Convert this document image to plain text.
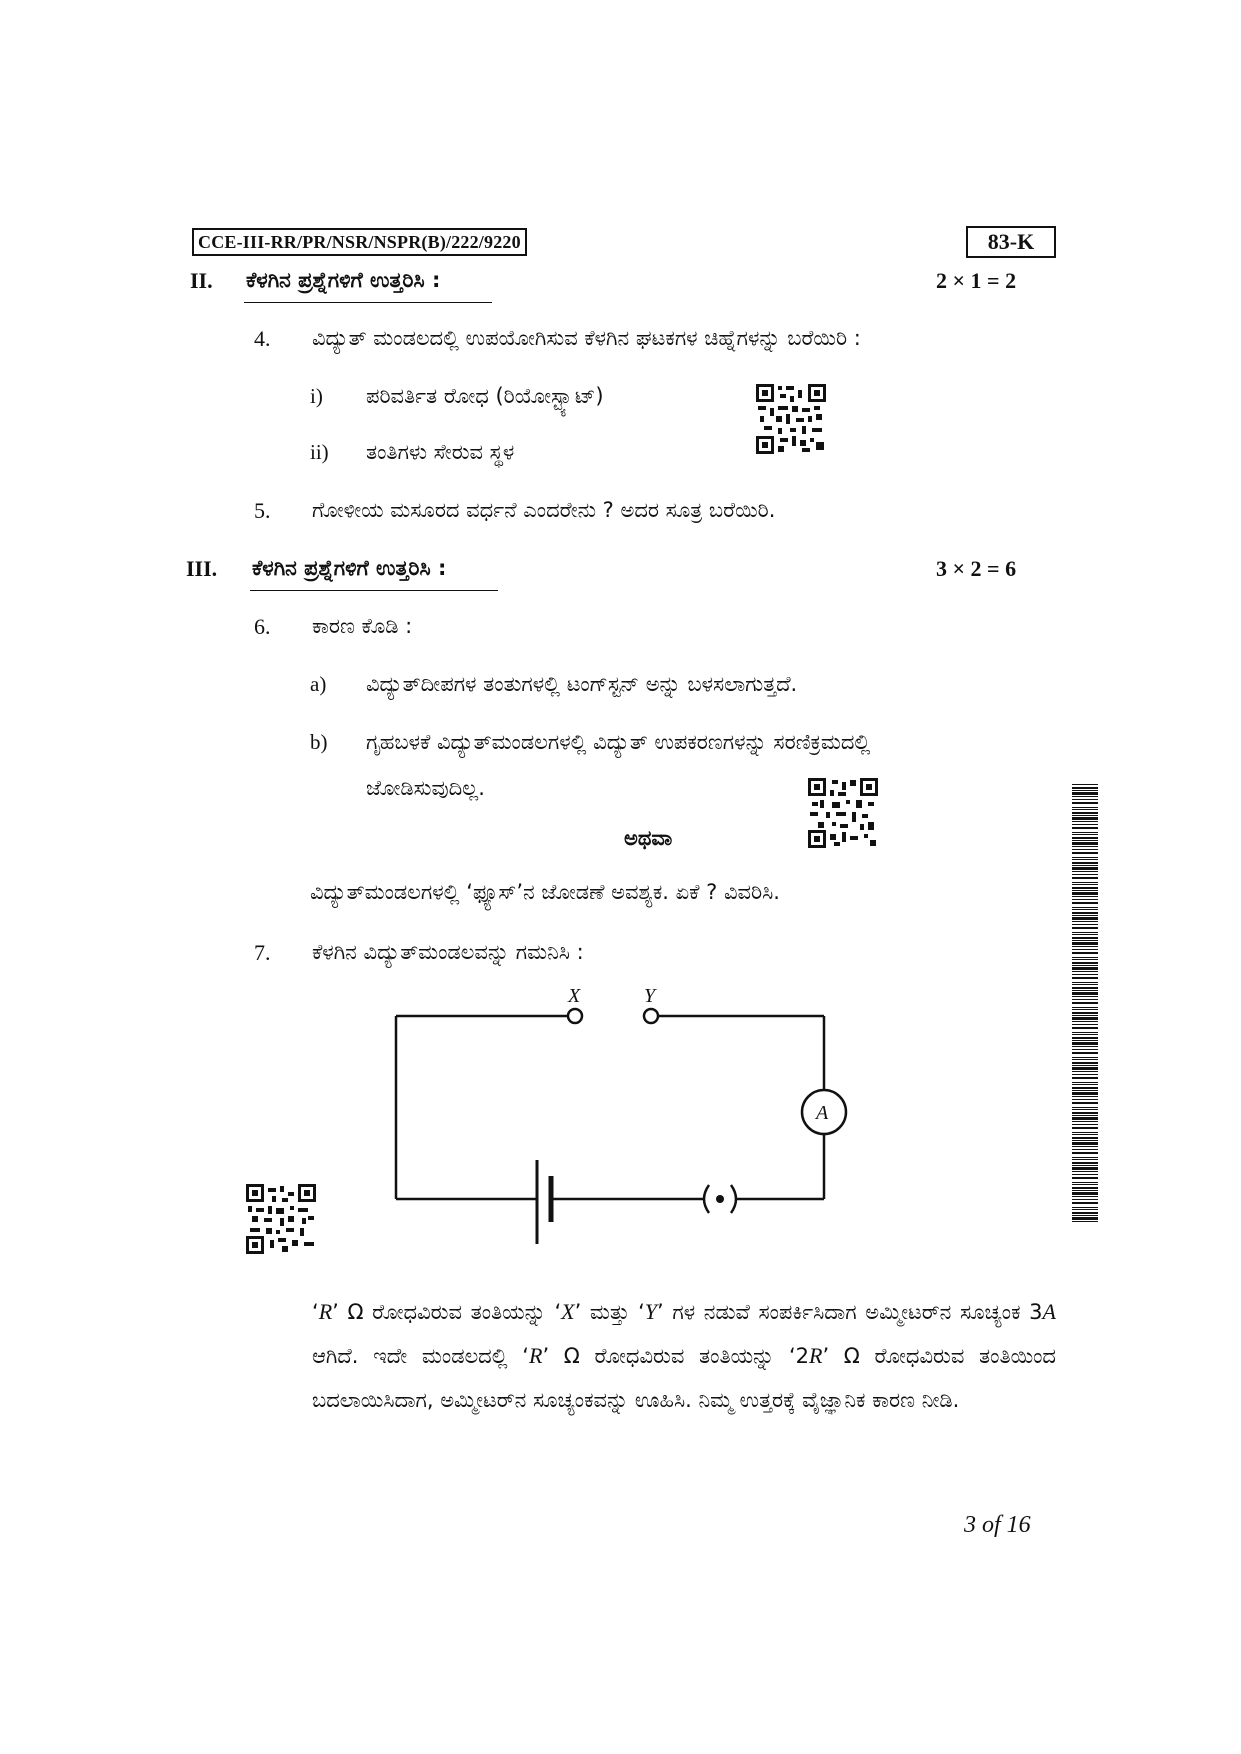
CCE-III-RR/PR/NSR/NSPR(B)/222/9220	83-K
II. ಕೆಳಗಿನ ಪ್ರಶ್ನೆಗಳಿಗೆ ಉತ್ತರಿಸಿ :	2 × 1 = 2
4. ವಿದ್ಯುತ್ ಮಂಡಲದಲ್ಲಿ ಉಪಯೋಗಿಸುವ ಕೆಳಗಿನ ಘಟಕಗಳ ಚಿಹ್ನೆಗಳನ್ನು ಬರೆಯಿರಿ :
i) ಪರಿವರ್ತಿತ ರೋಧ (ರಿಯೋಸ್ಟ್ಯಾಟ್)
ii) ತಂತಿಗಳು ಸೇರುವ ಸ್ಥಳ
5. ಗೋಳೀಯ ಮಸೂರದ ವರ್ಧನೆ ಎಂದರೇನು ? ಅದರ ಸೂತ್ರ ಬರೆಯಿರಿ.
III. ಕೆಳಗಿನ ಪ್ರಶ್ನೆಗಳಿಗೆ ಉತ್ತರಿಸಿ :	3 × 2 = 6
6. ಕಾರಣ ಕೊಡಿ :
a) ವಿದ್ಯುತ್‌ದೀಪಗಳ ತಂತುಗಳಲ್ಲಿ ಟಂಗ್‌ಸ್ಟನ್ ಅನ್ನು ಬಳಸಲಾಗುತ್ತದೆ.
b) ಗೃಹಬಳಕೆ ವಿದ್ಯುತ್‌ಮಂಡಲಗಳಲ್ಲಿ ವಿದ್ಯುತ್ ಉಪಕರಣಗಳನ್ನು ಸರಣಿಕ್ರಮದಲ್ಲಿ
ಜೋಡಿಸುವುದಿಲ್ಲ.
ಅಥವಾ
ವಿದ್ಯುತ್‌ಮಂಡಲಗಳಲ್ಲಿ ‘ಫ್ಯೂಸ್’ನ ಜೋಡಣೆ ಅವಶ್ಯಕ. ಏಕೆ ? ವಿವರಿಸಿ.
7. ಕೆಳಗಿನ ವಿದ್ಯುತ್‌ಮಂಡಲವನ್ನು ಗಮನಿಸಿ :
X	Y
A
‘R’ Ω ರೋಧವಿರುವ ತಂತಿಯನ್ನು ‘X’ ಮತ್ತು ‘Y’ ಗಳ ನಡುವೆ ಸಂಪರ್ಕಿಸಿದಾಗ ಅಮ್ಮೀಟರ್‌ನ ಸೂಚ್ಯಂಕ 3A ಆಗಿದೆ. ಇದೇ ಮಂಡಲದಲ್ಲಿ ‘R’ Ω ರೋಧವಿರುವ ತಂತಿಯನ್ನು ‘2R’ Ω ರೋಧವಿರುವ ತಂತಿಯಿಂದ ಬದಲಾಯಿಸಿದಾಗ, ಅಮ್ಮೀಟರ್‌ನ ಸೂಚ್ಯಂಕವನ್ನು ಊಹಿಸಿ. ನಿಮ್ಮ ಉತ್ತರಕ್ಕೆ ವೈಜ್ಞಾನಿಕ ಕಾರಣ ನೀಡಿ.
3 of 16
